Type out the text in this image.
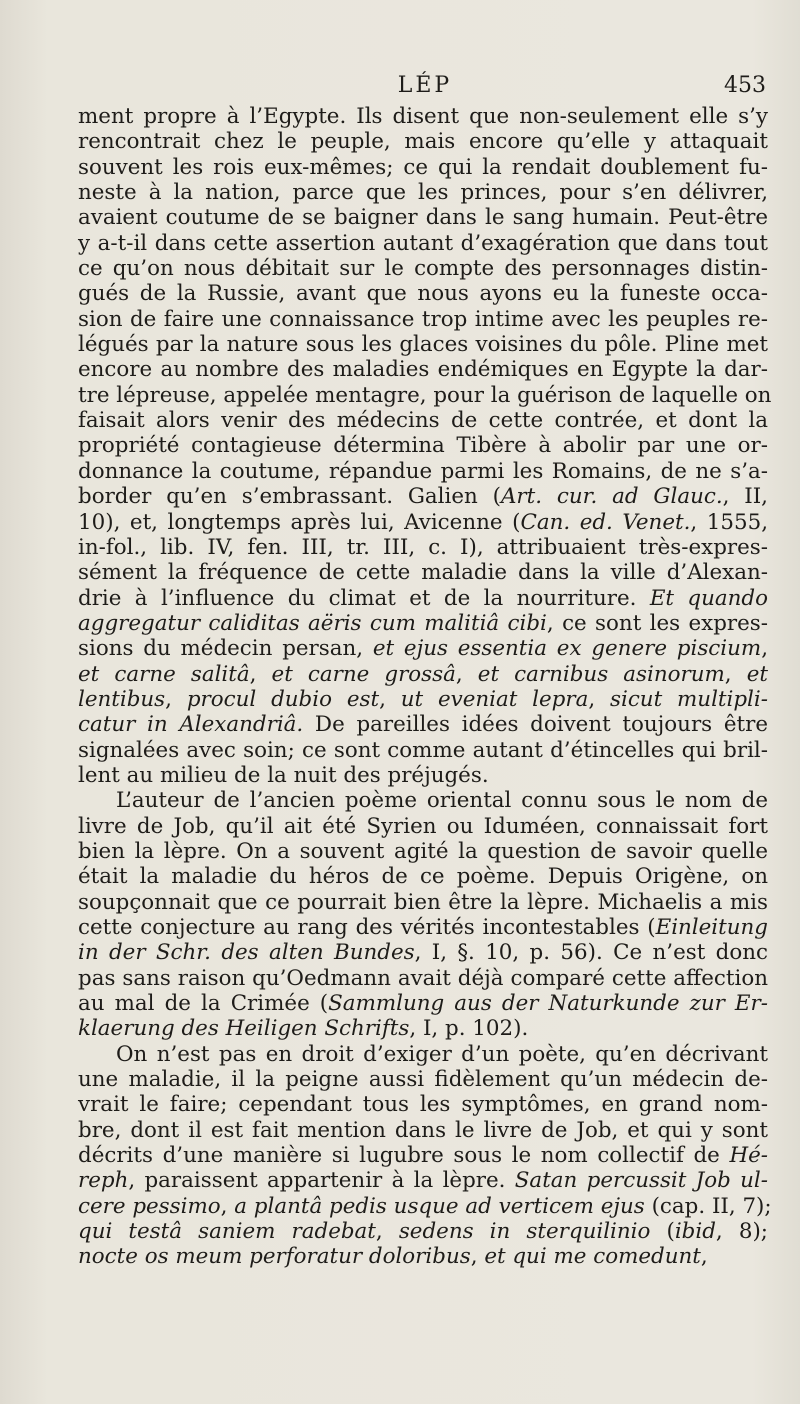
LÉP	453
ment propre à l’Egypte. Ils disent que non-seulement elle s’y
rencontrait chez le peuple, mais encore qu’elle y attaquait
souvent les rois eux-mêmes; ce qui la rendait doublement fu-
neste à la nation, parce que les princes, pour s’en délivrer,
avaient coutume de se baigner dans le sang humain. Peut-être
y a-t-il dans cette assertion autant d’exagération que dans tout
ce qu’on nous débitait sur le compte des personnages distin-
gués de la Russie, avant que nous ayons eu la funeste occa-
sion de faire une connaissance trop intime avec les peuples re-
légués par la nature sous les glaces voisines du pôle. Pline met
encore au nombre des maladies endémiques en Egypte la dar-
tre lépreuse, appelée mentagre, pour la guérison de laquelle on
faisait alors venir des médecins de cette contrée, et dont la
propriété contagieuse détermina Tibère à abolir par une or-
donnance la coutume, répandue parmi les Romains, de ne s’a-
border qu’en s’embrassant. Galien (Art. cur. ad Glauc., II,
10), et, longtemps après lui, Avicenne (Can. ed. Venet., 1555,
in-fol., lib. IV, fen. III, tr. III, c. I), attribuaient très-expres-
sément la fréquence de cette maladie dans la ville d’Alexan-
drie à l’influence du climat et de la nourriture. Et quando
aggregatur caliditas aëris cum malitiâ cibi, ce sont les expres-
sions du médecin persan, et ejus essentia ex genere piscium,
et carne salitâ, et carne grossâ, et carnibus asinorum, et
lentibus, procul dubio est, ut eveniat lepra, sicut multipli-
catur in Alexandriâ. De pareilles idées doivent toujours être
signalées avec soin; ce sont comme autant d’étincelles qui bril-
lent au milieu de la nuit des préjugés.
L’auteur de l’ancien poème oriental connu sous le nom de
livre de Job, qu’il ait été Syrien ou Iduméen, connaissait fort
bien la lèpre. On a souvent agité la question de savoir quelle
était la maladie du héros de ce poème. Depuis Origène, on
soupçonnait que ce pourrait bien être la lèpre. Michaelis a mis
cette conjecture au rang des vérités incontestables (Einleitung
in der Schr. des alten Bundes, I, §. 10, p. 56). Ce n’est donc
pas sans raison qu’Oedmann avait déjà comparé cette affection
au mal de la Crimée (Sammlung aus der Naturkunde zur Er-
klaerung des Heiligen Schrifts, I, p. 102).
On n’est pas en droit d’exiger d’un poète, qu’en décrivant
une maladie, il la peigne aussi fidèlement qu’un médecin de-
vrait le faire; cependant tous les symptômes, en grand nom-
bre, dont il est fait mention dans le livre de Job, et qui y sont
décrits d’une manière si lugubre sous le nom collectif de Hé-
reph, paraissent appartenir à la lèpre. Satan percussit Job ul-
cere pessimo, a plantâ pedis usque ad verticem ejus (cap. II, 7);
qui testâ saniem radebat, sedens in sterquilinio (ibid, 8);
nocte os meum perforatur doloribus, et qui me comedunt,
